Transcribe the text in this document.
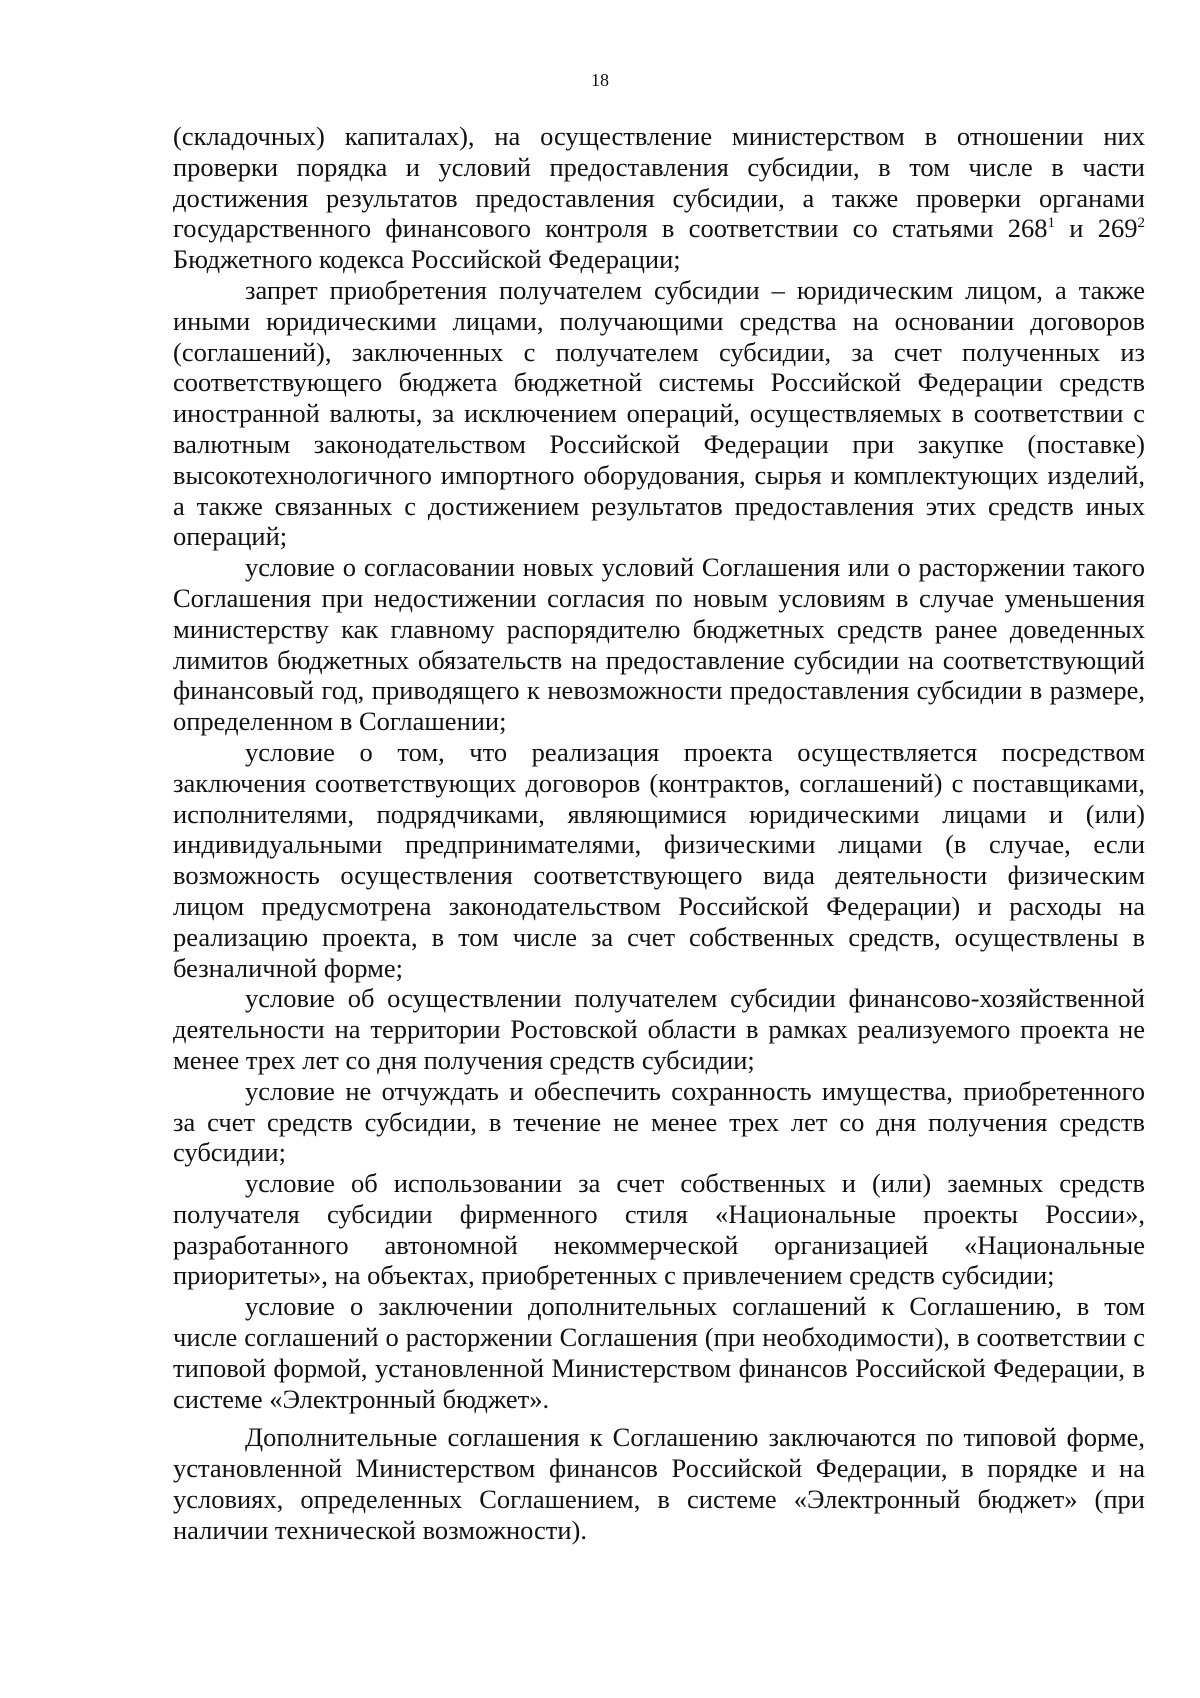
18

(складочных) капиталах), на осуществление министерством в отношении них проверки порядка и условий предоставления субсидии, в том числе в части достижения результатов предоставления субсидии, а также проверки органами государственного финансового контроля в соответствии со статьями $268^1$ и $269^2$ Бюджетного кодекса Российской Федерации;

запрет приобретения получателем субсидии – юридическим лицом, а также иными юридическими лицами, получающими средства на основании договоров (соглашений), заключенных с получателем субсидии, за счет полученных из соответствующего бюджета бюджетной системы Российской Федерации средств иностранной валюты, за исключением операций, осуществляемых в соответствии с валютным законодательством Российской Федерации при закупке (поставке) высокотехнологичного импортного оборудования, сырья и комплектующих изделий, а также связанных с достижением результатов предоставления этих средств иных операций;

условие о согласовании новых условий Соглашения или о расторжении такого Соглашения при недостижении согласия по новым условиям в случае уменьшения министерству как главному распорядителю бюджетных средств ранее доведенных лимитов бюджетных обязательств на предоставление субсидии на соответствующий финансовый год, приводящего к невозможности предоставления субсидии в размере, определенном в Соглашении;

условие о том, что реализация проекта осуществляется посредством заключения соответствующих договоров (контрактов, соглашений) с поставщиками, исполнителями, подрядчиками, являющимися юридическими лицами и (или) индивидуальными предпринимателями, физическими лицами (в случае, если возможность осуществления соответствующего вида деятельности физическим лицом предусмотрена законодательством Российской Федерации) и расходы на реализацию проекта, в том числе за счет собственных средств, осуществлены в безналичной форме;

условие об осуществлении получателем субсидии финансово-хозяйственной деятельности на территории Ростовской области в рамках реализуемого проекта не менее трех лет со дня получения средств субсидии;

условие не отчуждать и обеспечить сохранность имущества, приобретенного за счет средств субсидии, в течение не менее трех лет со дня получения средств субсидии;

условие об использовании за счет собственных и (или) заемных средств получателя субсидии фирменного стиля «Национальные проекты России», разработанного автономной некоммерческой организацией «Национальные приоритеты», на объектах, приобретенных с привлечением средств субсидии;

условие о заключении дополнительных соглашений к Соглашению, в том числе соглашений о расторжении Соглашения (при необходимости), в соответствии с типовой формой, установленной Министерством финансов Российской Федерации, в системе «Электронный бюджет».

Дополнительные соглашения к Соглашению заключаются по типовой форме, установленной Министерством финансов Российской Федерации, в порядке и на условиях, определенных Соглашением, в системе «Электронный бюджет» (при наличии технической возможности).
